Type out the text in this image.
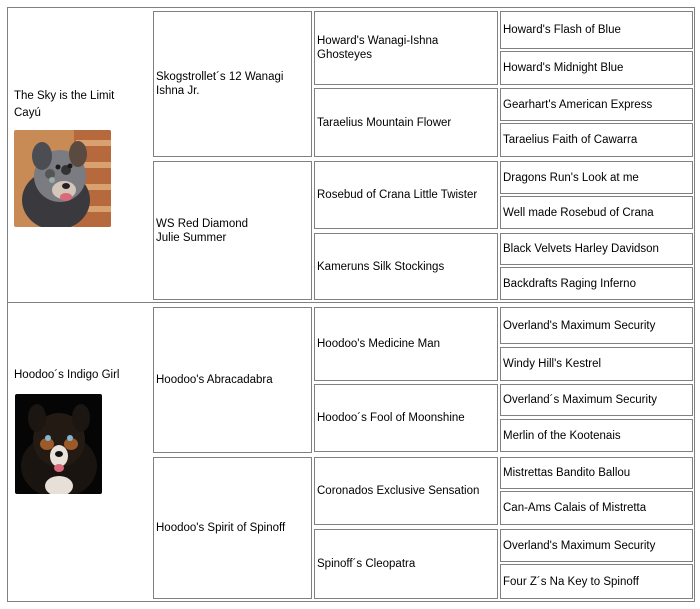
The Sky is the Limit Cayú
Hoodoo´s Indigo Girl
Skogstrollet´s 12 Wanagi Ishna Jr.
WS Red Diamond
Julie Summer
Hoodoo's Abracadabra
Hoodoo's Spirit of Spinoff
Howard's Wanagi-Ishna Ghosteyes
Taraelius Mountain Flower
Rosebud of Crana Little Twister
Kameruns Silk Stockings
Hoodoo's Medicine Man
Hoodoo´s Fool of Moonshine
Coronados Exclusive Sensation
Spinoff´s Cleopatra
Howard's Flash of Blue
Howard's Midnight Blue
Gearhart's American Express
Taraelius Faith of Cawarra
Dragons Run's Look at me
Well made Rosebud of Crana
Black Velvets Harley Davidson
Backdrafts Raging Inferno
Overland's Maximum Security
Windy Hill's Kestrel
Overland´s Maximum Security
Merlin of the Kootenais
Mistrettas Bandito Ballou
Can-Ams Calais of Mistretta
Overland's Maximum Security
Four Z´s Na Key to Spinoff
